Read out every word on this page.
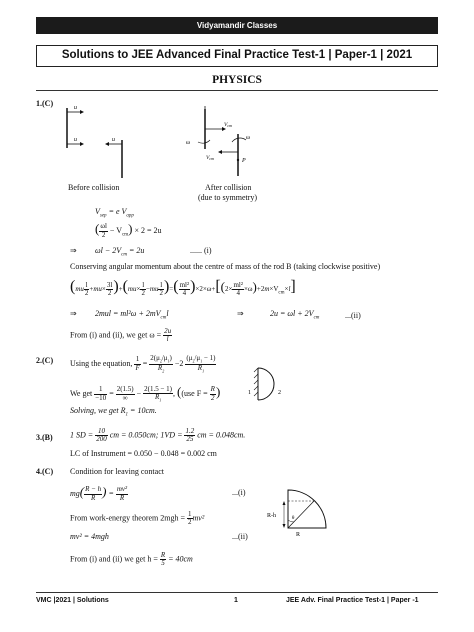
Vidyamandir Classes
Solutions to JEE Advanced Final Practice Test-1 | Paper-1 | 2021
PHYSICS
1.(C)	u
u	u
Vcm
ω
ω
Vcm	P
Before collision	After collision
(due to symmetry)
$V_{sep} = e$ $V_{app}$
( $\frac{\omega l}{2} - V_{cm}) \times 2 = 2u$
⇒ $\omega l - 2V_{cm} = 2u$	...... (i)
Conserving angular momentum about the centre of mass of the rod B (taking clockwise positive)
$(mu \frac{l}{2} +mu\times \frac{3l}{2} )+(mu\times \frac{l}{2} -mu \frac{l}{2}$ )=( $\frac{\text{ml²}}{4} )\times 2\times\omega+[(2\times \frac{\text{ml²}}{4} \times\omega)+2m\times V_{cm}\times l]$
⇒ $2mul = ml^2\omega + 2mV_{cm}l$	⇒	$2u = \omega l + 2V_{cm}$	...(ii)
From (i) and (ii), we get $\omega = \frac{2u}{l}$
2.(C) Using the equation, $\frac{1}{F} = \frac{2(\mu_2/\mu_1)}{R_2} -2 \frac{(\mu_2/\mu_1 - 1)}{R_1}$
We get $\frac{1}{-10} = \frac{2(1.5)}{\infty} - \frac{2(1.5 - 1)}{R_1}$ , ((use $F = \frac{R}{2}$ )
Solving, we get $R_1 = 10cm$.
1	2
3.(B) 1 SD = $\frac{10}{200}$ cm = 0.050cm; $1VD = \frac{1.2}{25}$ cm = 0.048cm.
LC of Instrument = 0.050 − 0.048 = 0.002 cm
4.(C) Condition for leaving contact
$mg( \frac{R - h}{R}$ ) = $\frac{\text{mv²}}{R}$	...(i)
From work-energy theorem $2mgh = \frac{1}{2} mv^2$
mv² = 4mgh	...(ii)
From (i) and (ii) we get $h = \frac{R}{5} = 40cm$
R-h	θ
R
VMC |2021 | Solutions	1	JEE Adv. Final Practice Test-1 | Paper -1
